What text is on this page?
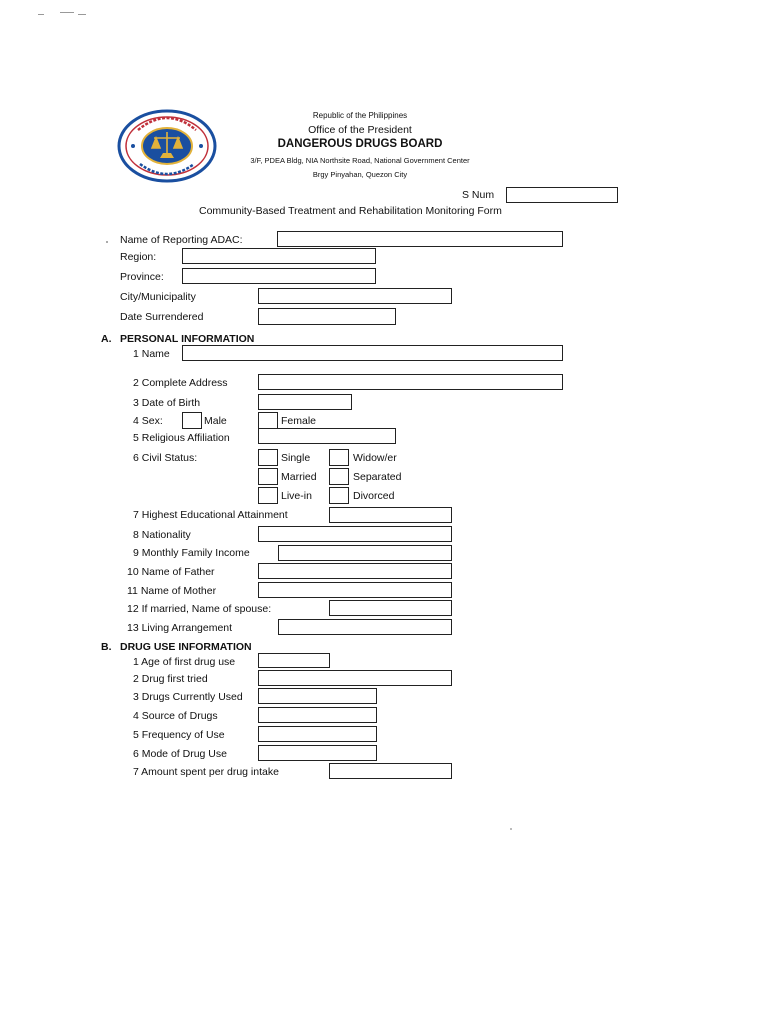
Republic of the Philippines
Office of the President
DANGEROUS DRUGS BOARD
3/F, PDEA Bldg, NIA Northsite Road, National Government Center
Brgy Pinyahan, Quezon City
S Num
Community-Based Treatment and Rehabilitation Monitoring Form
Name of Reporting ADAC:
Region:
Province:
City/Municipality
Date Surrendered
A. PERSONAL INFORMATION
1 Name
2 Complete Address
3 Date of Birth
4 Sex:	Male	Female
5 Religious Affiliation
6 Civil Status:	Single	Widow/er
Married	Separated
Live-in	Divorced
7 Highest Educational Attainment
8 Nationality
9 Monthly Family Income
10 Name of Father
11 Name of Mother
12 If married, Name of spouse:
13 Living Arrangement
B. DRUG USE INFORMATION
1 Age of first drug use
2 Drug first tried
3 Drugs Currently Used
4 Source of Drugs
5 Frequency of Use
6 Mode of Drug Use
7 Amount spent per drug intake
